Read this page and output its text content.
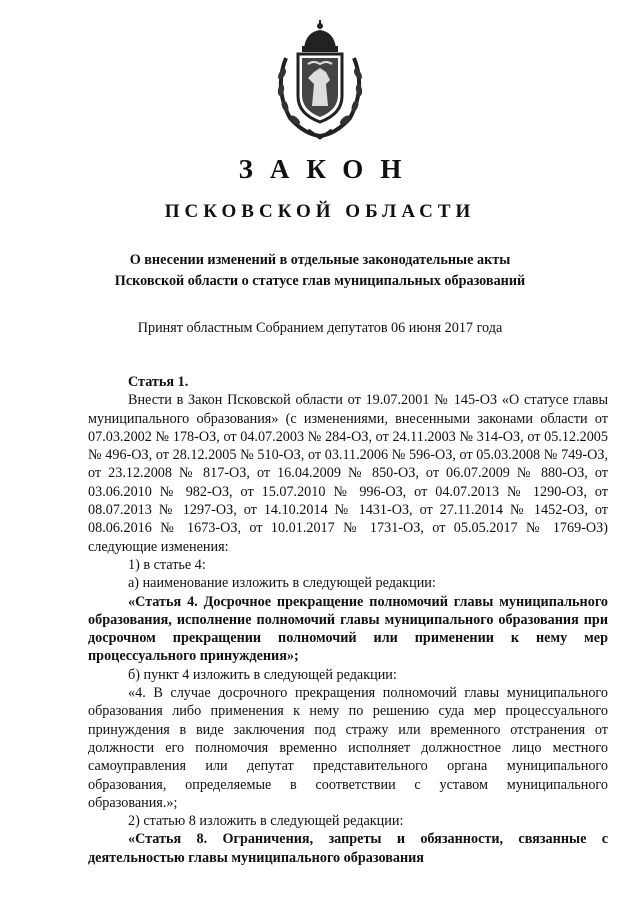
ЗАКОН
ПСКОВСКОЙ ОБЛАСТИ
О внесении изменений в отдельные законодательные акты
Псковской области о статусе глав муниципальных образований
Принят областным Собранием депутатов 06 июня 2017 года

Статья 1.

Внести в Закон Псковской области от 19.07.2001 № 145-ОЗ «О статусе главы муниципального образования» (с изменениями, внесенными законами области от 07.03.2002 № 178-ОЗ, от 04.07.2003 № 284-ОЗ, от 24.11.2003 № 314-ОЗ, от 05.12.2005 № 496-ОЗ, от 28.12.2005 № 510-ОЗ, от 03.11.2006 № 596-ОЗ, от 05.03.2008 № 749-ОЗ, от 23.12.2008 № 817-ОЗ, от 16.04.2009 № 850-ОЗ, от 06.07.2009 № 880-ОЗ, от 03.06.2010 № 982-ОЗ, от 15.07.2010 № 996-ОЗ, от 04.07.2013 № 1290-ОЗ, от 08.07.2013 № 1297-ОЗ, от 14.10.2014 № 1431-ОЗ, от 27.11.2014 № 1452-ОЗ, от 08.06.2016 № 1673-ОЗ, от 10.01.2017 № 1731-ОЗ, от 05.05.2017 № 1769-ОЗ) следующие изменения:

1) в статье 4:

а) наименование изложить в следующей редакции:

«Статья 4. Досрочное прекращение полномочий главы муниципального образования, исполнение полномочий главы муниципального образования при досрочном прекращении полномочий или применении к нему мер процессуального принуждения»;

б) пункт 4 изложить в следующей редакции:

«4. В случае досрочного прекращения полномочий главы муниципального образования либо применения к нему по решению суда мер процессуального принуждения в виде заключения под стражу или временного отстранения от должности его полномочия временно исполняет должностное лицо местного самоуправления или депутат представительного органа муниципального образования, определяемые в соответствии с уставом муниципального образования.»;

2) статью 8 изложить в следующей редакции:

«Статья 8. Ограничения, запреты и обязанности, связанные с деятельностью главы муниципального образования
